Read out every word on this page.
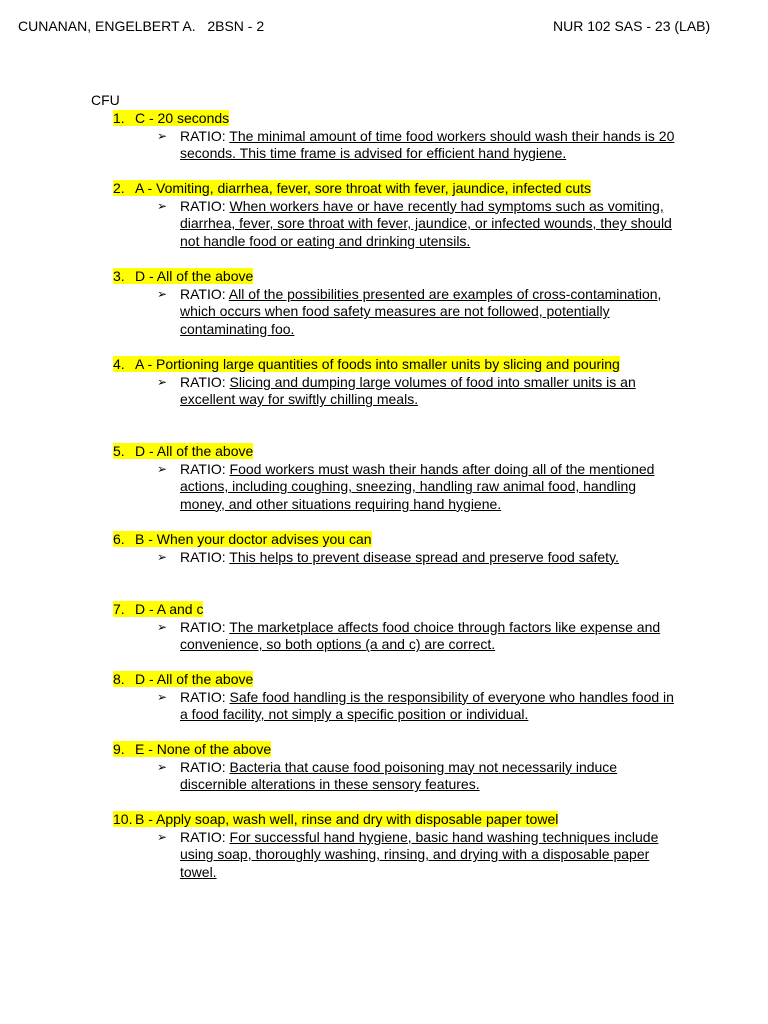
CUNANAN, ENGELBERT A. 2BSN - 2	NUR 102 SAS - 23 (LAB)
CFU
1. C - 20 seconds
➢ RATIO: The minimal amount of time food workers should wash their hands is 20 seconds. This time frame is advised for efficient hand hygiene.
2. A - Vomiting, diarrhea, fever, sore throat with fever, jaundice, infected cuts
➢ RATIO: When workers have or have recently had symptoms such as vomiting, diarrhea, fever, sore throat with fever, jaundice, or infected wounds, they should not handle food or eating and drinking utensils.
3. D - All of the above
➢ RATIO: All of the possibilities presented are examples of cross-contamination, which occurs when food safety measures are not followed, potentially contaminating foo.
4. A - Portioning large quantities of foods into smaller units by slicing and pouring
➢ RATIO: Slicing and dumping large volumes of food into smaller units is an excellent way for swiftly chilling meals.
5. D - All of the above
➢ RATIO: Food workers must wash their hands after doing all of the mentioned actions, including coughing, sneezing, handling raw animal food, handling money, and other situations requiring hand hygiene.
6. B - When your doctor advises you can
➢ RATIO: This helps to prevent disease spread and preserve food safety.
7. D - A and c
➢ RATIO: The marketplace affects food choice through factors like expense and convenience, so both options (a and c) are correct.
8. D - All of the above
➢ RATIO: Safe food handling is the responsibility of everyone who handles food in a food facility, not simply a specific position or individual.
9. E - None of the above
➢ RATIO: Bacteria that cause food poisoning may not necessarily induce discernible alterations in these sensory features.
10. B - Apply soap, wash well, rinse and dry with disposable paper towel
➢ RATIO: For successful hand hygiene, basic hand washing techniques include using soap, thoroughly washing, rinsing, and drying with a disposable paper towel.
